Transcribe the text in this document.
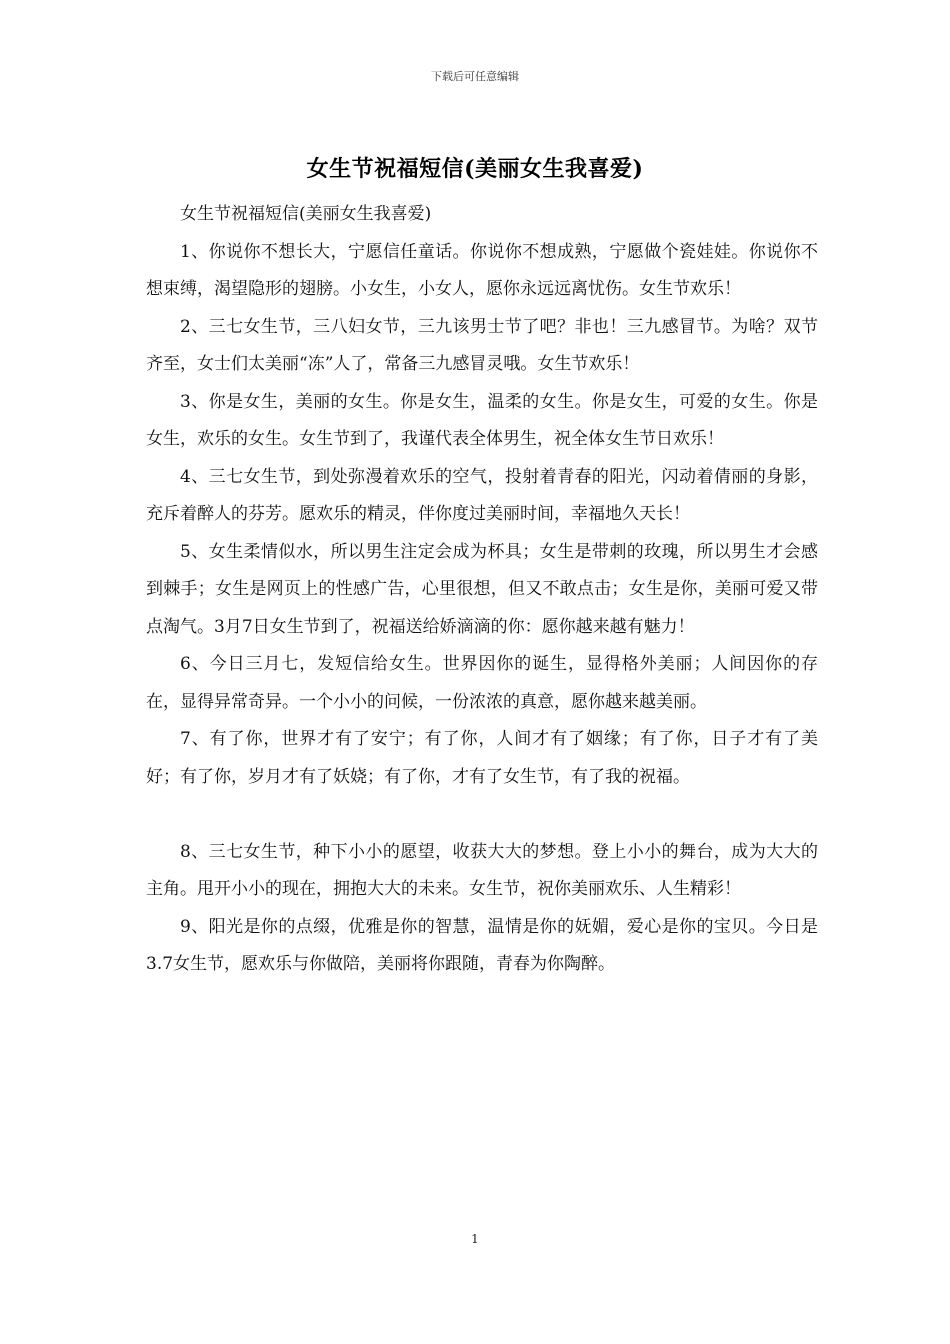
下载后可任意编辑
女生节祝福短信(美丽女生我喜爱)

女生节祝福短信(美丽女生我喜爱)

1、你说你不想长大，宁愿信任童话。你说你不想成熟，宁愿做个瓷娃娃。你说你不想束缚，渴望隐形的翅膀。小女生，小女人，愿你永远远离忧伤。女生节欢乐！

2、三七女生节，三八妇女节，三九该男士节了吧？非也！三九感冒节。为啥？双节齐至，女士们太美丽“冻”人了，常备三九感冒灵哦。女生节欢乐！

3、你是女生，美丽的女生。你是女生，温柔的女生。你是女生，可爱的女生。你是女生，欢乐的女生。女生节到了，我谨代表全体男生，祝全体女生节日欢乐！

4、三七女生节，到处弥漫着欢乐的空气，投射着青春的阳光，闪动着倩丽的身影，充斥着醉人的芬芳。愿欢乐的精灵，伴你度过美丽时间，幸福地久天长！

5、女生柔情似水，所以男生注定会成为杯具；女生是带刺的玫瑰，所以男生才会感到棘手；女生是网页上的性感广告，心里很想，但又不敢点击；女生是你，美丽可爱又带点淘气。3月7日女生节到了，祝福送给娇滴滴的你：愿你越来越有魅力！

6、今日三月七，发短信给女生。世界因你的诞生，显得格外美丽；人间因你的存在，显得异常奇异。一个小小的问候，一份浓浓的真意，愿你越来越美丽。

7、有了你，世界才有了安宁；有了你，人间才有了姻缘；有了你，日子才有了美好；有了你，岁月才有了妖娆；有了你，才有了女生节，有了我的祝福。

8、三七女生节，种下小小的愿望，收获大大的梦想。登上小小的舞台，成为大大的主角。甩开小小的现在，拥抱大大的未来。女生节，祝你美丽欢乐、人生精彩！

9、阳光是你的点缀，优雅是你的智慧，温情是你的妩媚，爱心是你的宝贝。今日是3.7女生节，愿欢乐与你做陪，美丽将你跟随，青春为你陶醉。

1
